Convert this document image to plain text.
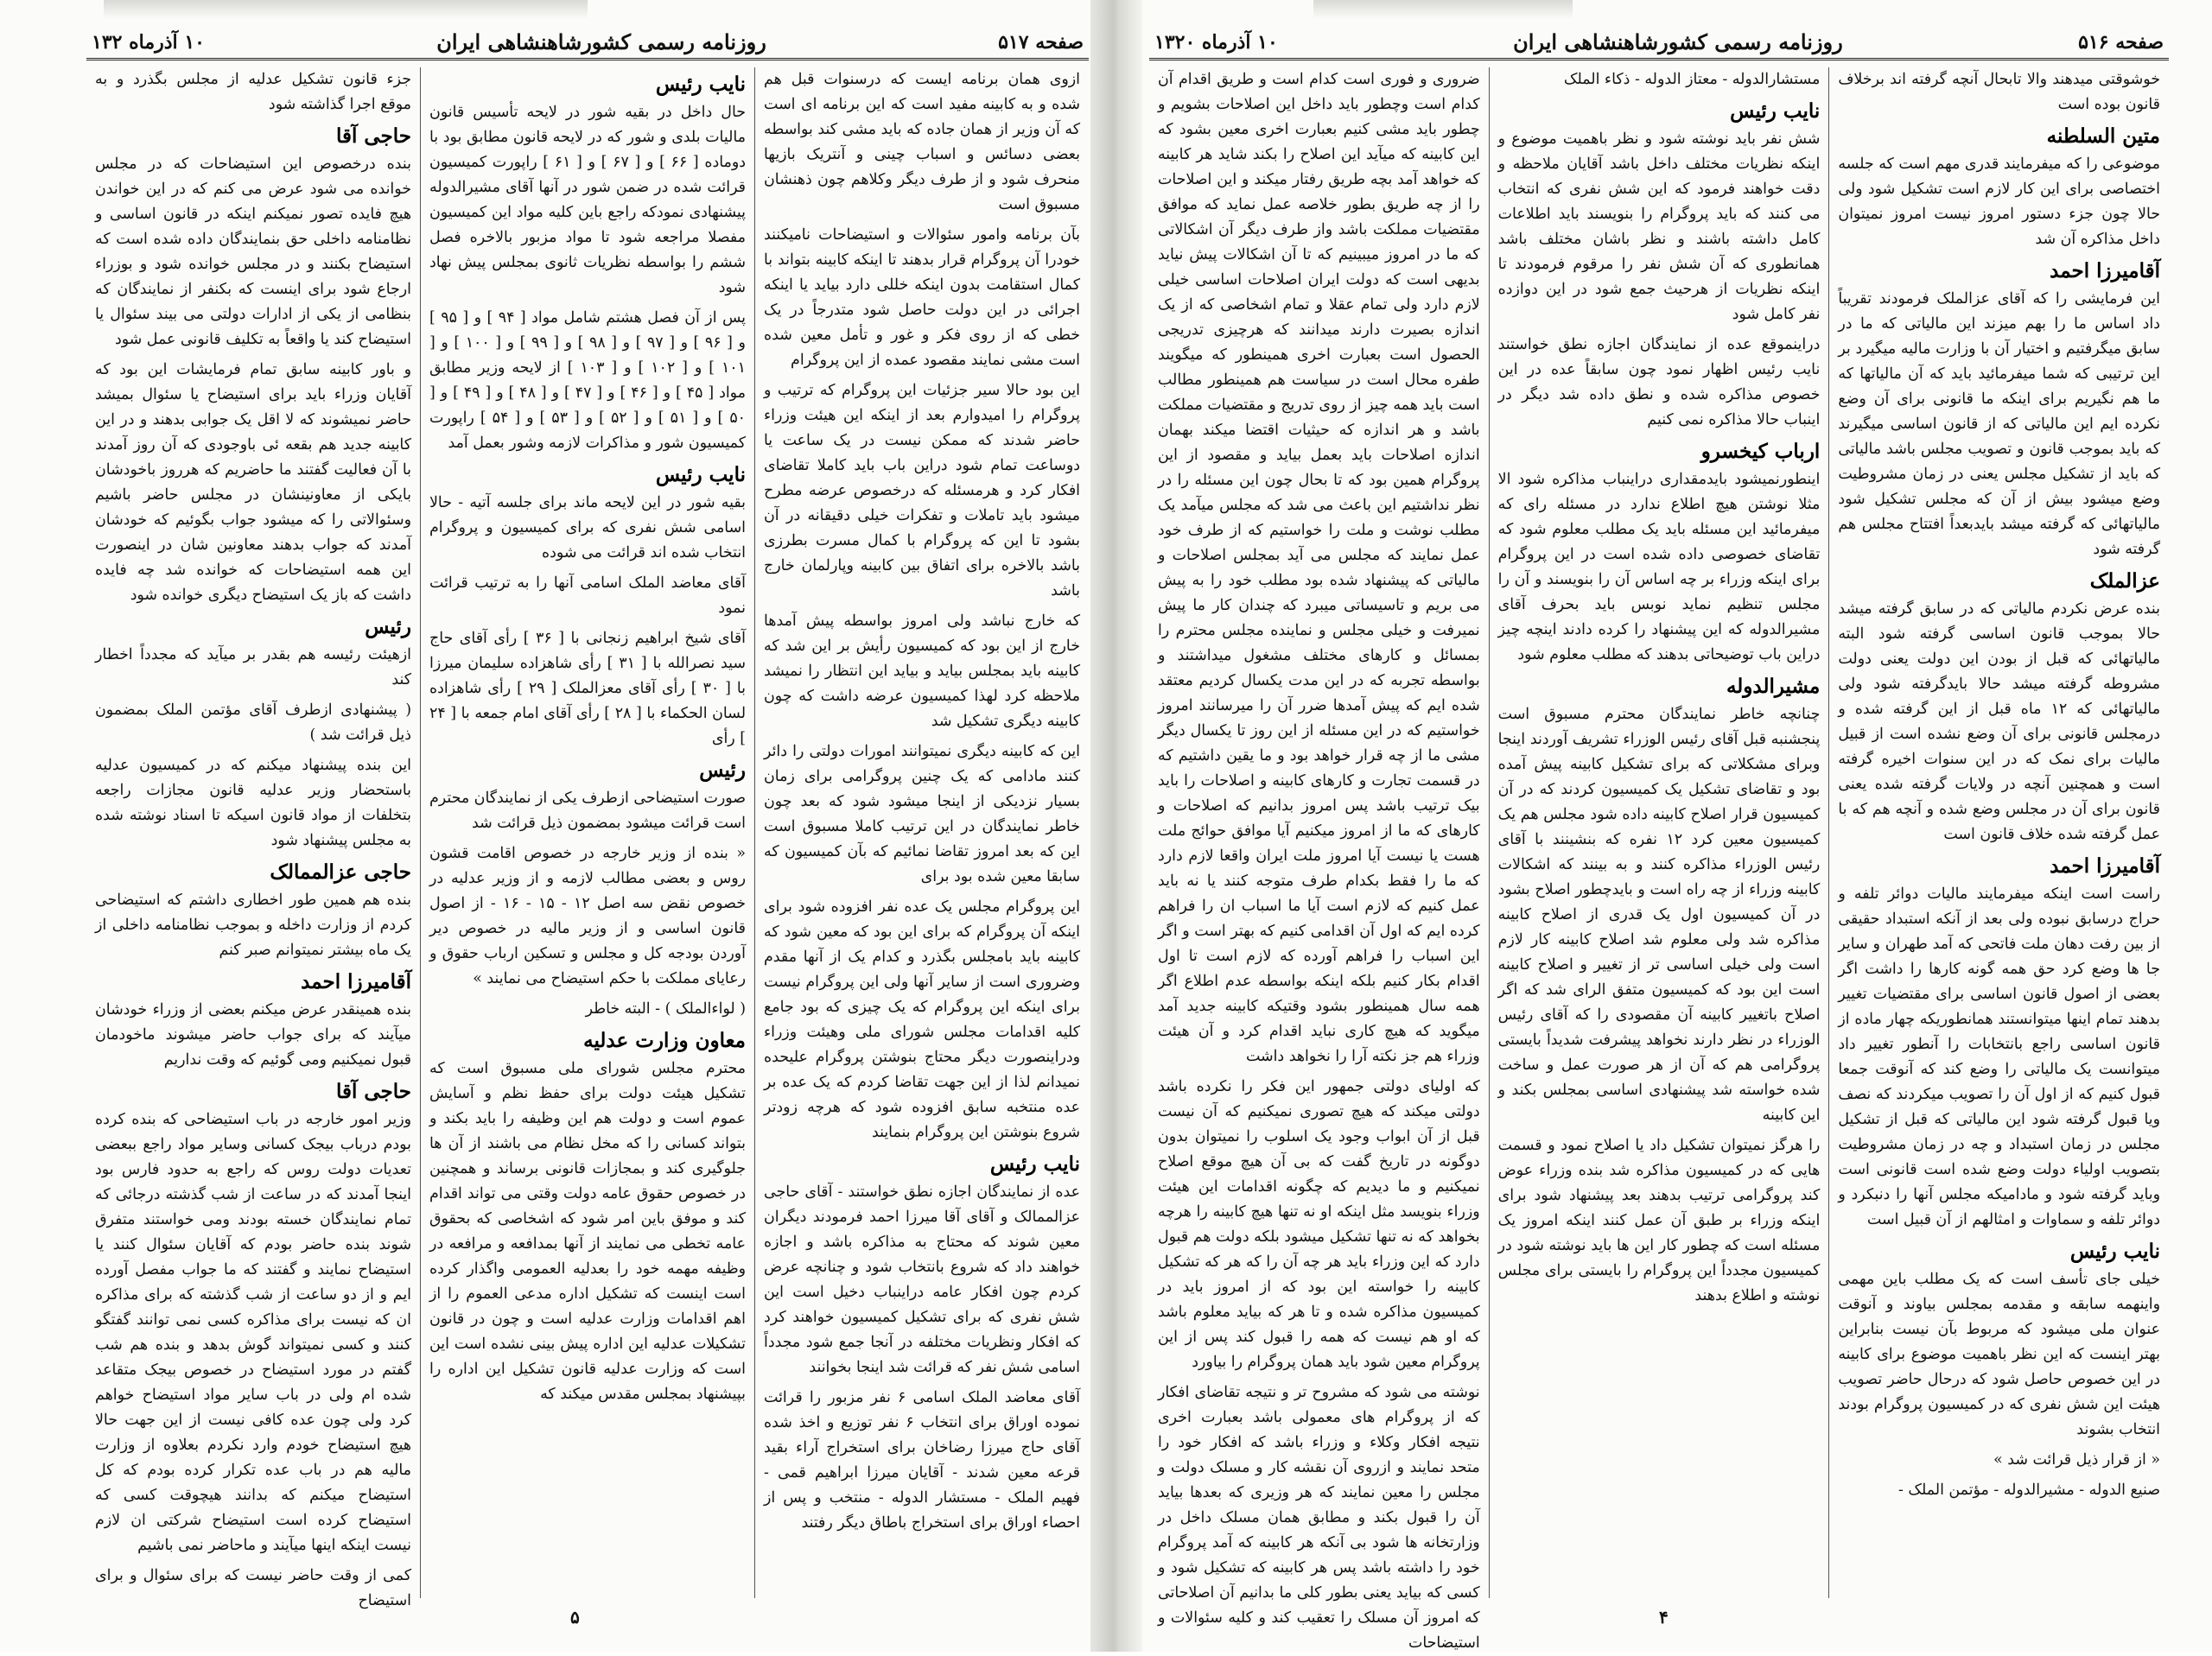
صفحه ۵۱۷
روزنامه رسمی کشورشاهنشاهی ایران
۱۰ آذرماه ۱۳۲

ازوی همان برنامه ایست که درسنوات قبل هم شده و به کابینه مفید است که این برنامه ای است که آن وزیر از همان جاده که باید مشی کند بواسطه بعضی دسائس و اسباب چینی و آنتریک بازیها منحرف شود و از طرف دیگر وکلاهم چون ذهنشان مسبوق است

بآن برنامه وامور سئوالات و استیضاحات نامیکنند خودرا آن پروگرام قرار بدهند تا اینکه کابینه بتواند با کمال استقامت بدون اینکه خللی دارد بیاید یا اینکه اجرائی در این دولت حاصل شود متدرجاً در یک خطی که از روی فکر و غور و تأمل معین شده است مشی نمایند مقصود عمده از این پروگرام

این بود حالا سیر جزئیات این پروگرام که ترتیب و پروگرام را امیدوارم بعد از اینکه این هیئت وزراء حاضر شدند که ممکن نیست در یک ساعت یا دوساعت تمام شود دراین باب باید کاملا تقاضای افکار کرد و هرمسئله که درخصوص عرضه مطرح میشود باید تاملات و تفکرات خیلی دقیقانه در آن بشود تا این که پروگرام با کمال مسرت بطرزی باشد بالاخره برای اتفاق بین کابینه وپارلمان خارج باشد

که خارج نباشد ولی امروز بواسطه پیش آمدها خارج از این بود که کمیسیون رأیش بر این شد که کابینه باید بمجلس بیاید و بیاید این انتظار را نمیشد ملاحظه کرد لهذا کمیسیون عرضه داشت که چون کابینه دیگری تشکیل شد

این که کابینه دیگری نمیتوانند امورات دولتی را دائر کنند مادامی که یک چنین پروگرامی برای زمان بسیار نزدیکی از اینجا میشود شود که بعد چون خاطر نمایندگان در این ترتیب کاملا مسبوق است این که بعد امروز تقاضا نمائیم که بآن کمیسیون که سابقا معین شده بود برای

این پروگرام مجلس یک عده نفر افزوده شود برای اینکه آن پروگرام که برای این بود که معین شود که کابینه باید بامجلس بگذرد و کدام یک از آنها مقدم وضروری است از سایر آنها ولی این پروگرام نیست برای اینکه این پروگرام که یک چیزی که بود جامع کلیه اقدامات مجلس شورای ملی وهیئت وزراء ودراینصورت دیگر محتاج بنوشتن پروگرام علیحده نمیدانم لذا از این جهت تقاضا کردم که یک عده بر عده منتخبه سابق افزوده شود که هرچه زودتر شروع بنوشتن این پروگرام بنمایند

نایب رئیس

عده از نمایندگان اجازه نطق خواستند - آقای حاجی عزالممالک و آقای آقا میرزا احمد فرمودند دیگران معین شوند که محتاج به مذاکره باشد و اجازه خواهند داد که شروع بانتخاب شود و چنانچه عرض کردم چون افکار عامه دراینباب دخیل است این شش نفری که برای تشکیل کمیسیون خواهند کرد که افکار ونظریات مختلفه در آنجا جمع شود مجدداً اسامی شش نفر که قرائت شد اینجا بخوانند

آقای معاضد الملک اسامی ۶ نفر مزبور را قرائت نموده اوراق برای انتخاب ۶ نفر توزیع و اخذ شده آقای حاج میرزا رضاخان برای استخراج آراء بقید قرعه معین شدند - آقایان میرزا ابراهیم قمی - فهیم الملک - مستشار الدوله - منتخب و پس از احصاء اوراق برای استخراج باطاق دیگر رفتند

نایب رئیس

حال داخل در بقیه شور در لایحه تأسیس قانون مالیات بلدی و شور که در لایحه قانون مطابق بود با دوماده [ ۶۶ ] و [ ۶۷ ] و [ ۶۱ ] راپورت کمیسیون قرائت شده در ضمن شور در آنها آقای مشیرالدوله پیشنهادی نمودکه راجع باین کلیه مواد این کمیسیون مفصلا مراجعه شود تا مواد مزبور بالاخره فصل ششم را بواسطه نظریات ثانوی بمجلس پیش نهاد شود

پس از آن فصل هشتم شامل مواد [ ۹۴ ] و [ ۹۵ ] و [ ۹۶ ] و [ ۹۷ ] و [ ۹۸ ] و [ ۹۹ ] و [ ۱۰۰ ] و [ ۱۰۱ ] و [ ۱۰۲ ] و [ ۱۰۳ ] از لایحه وزیر مطابق مواد [ ۴۵ ] و [ ۴۶ ] و [ ۴۷ ] و [ ۴۸ ] و [ ۴۹ ] و [ ۵۰ ] و [ ۵۱ ] و [ ۵۲ ] و [ ۵۳ ] و [ ۵۴ ] راپورت کمیسیون شور و مذاکرات لازمه وشور بعمل آمد

نایب رئیس

بقیه شور در این لایحه ماند برای جلسه آتیه - حالا اسامی شش نفری که برای کمیسیون و پروگرام انتخاب شده اند قرائت می شوده

آقای معاضد الملک اسامی آنها را به ترتیب قرائت نمود

آقای شیخ ابراهیم زنجانی با [ ۳۶ ] رأی آقای حاج سید نصرالله با [ ۳۱ ] رأی شاهزاده سلیمان میرزا با [ ۳۰ ] رأی آقای معزالملک [ ۲۹ ] رأی شاهزاده لسان الحکماء با [ ۲۸ ] رأی آقای امام جمعه با [ ۲۴ ] رأی

رئیس

صورت استیضاحی ازطرف یکی از نمایندگان محترم است قرائت میشود بمضمون ذیل قرائت شد

« بنده از وزیر خارجه در خصوص اقامت قشون روس و بعضی مطالب لازمه و از وزیر عدلیه در خصوص نقض سه اصل ۱۲ - ۱۵ - ۱۶ - از اصول قانون اساسی و از وزیر مالیه در خصوص دیر آوردن بودجه کل و مجلس و تسکین ارباب حقوق و رعایای مملکت با حکم استیضاح می نمایند »

( لواءالملک ) - البته خاطر

معاون وزارت عدلیه

محترم مجلس شورای ملی مسبوق است که تشکیل هیئت دولت برای حفظ نظم و آسایش عموم است و دولت هم این وظیفه را باید بکند و بتواند کسانی را که مخل نظام می باشند از آن ها جلوگیری کند و بمجازات قانونی برساند و همچنین در خصوص حقوق عامه دولت وقتی می تواند اقدام کند و موفق باین امر شود که اشخاصی که بحقوق عامه تخطی می نمایند از آنها بمدافعه و مرافعه در وظیفه مهمه خود را بعدلیه العمومی واگذار کرده است اینست که تشکیل اداره مدعی العموم را از اهم اقدامات وزارت عدلیه است و چون در قانون تشکیلات عدلیه این اداره پیش بینی نشده است این است که وزارت عدلیه قانون تشکیل این اداره را بپیشنهاد بمجلس مقدس میکند که

جزء قانون تشکیل عدلیه از مجلس بگذرد و به موقع اجرا گذاشته شود

حاجی آقا

بنده درخصوص این استیضاحات که در مجلس خوانده می شود عرض می کنم که در این خواندن هیچ فایده تصور نمیکنم اینکه در قانون اساسی و نظامنامه داخلی حق بنمایندگان داده شده است که استیضاح بکنند و در مجلس خوانده شود و بوزراء ارجاع شود برای اینست که بکنفر از نمایندگان که بنظامی از یکی از ادارات دولتی می بیند سئوال یا استیضاح کند یا واقعاً به تکلیف قانونی عمل شود

و باور کابینه سابق تمام فرمایشات این بود که آقایان وزراء باید برای استیضاح یا سئوال بمیشد حاضر نمیشوند که لا اقل یک جوابی بدهند و در این کابینه جدید هم بقعه ئی باوجودی که آن روز آمدند با آن فعالیت گفتند ما حاضریم که هرروز باخودشان بایکی از معاونینشان در مجلس حاضر باشیم وسئوالاتی را که میشود جواب بگوئیم که خودشان آمدند که جواب بدهند معاونین شان در اینصورت این همه استیضاحات که خوانده شد چه فایده داشت که باز یک استیضاح دیگری خوانده شود

رئیس

ازهیئت رئیسه هم بقدر بر میآید که مجدداً اخطار کند

( پیشنهادی ازطرف آقای مؤتمن الملک بمضمون ذیل قرائت شد )

این بنده پیشنهاد میکنم که در کمیسیون عدلیه باستحضار وزیر عدلیه قانون مجازات راجعه بتخلفات از مواد قانون اسیکه تا اسناد نوشته شده به مجلس پیشنهاد شود

حاجی عزالممالک

بنده هم همین طور اخطاری داشتم که استیضاحی کردم از وزارت داخله و بموجب نظامنامه داخلی از یک ماه بیشتر نمیتوانم صبر کنم

آقامیرزا احمد

بنده همینقدر عرض میکنم بعضی از وزراء خودشان میآیند که برای جواب حاضر میشوند ماخودمان قبول نمیکنیم ومی گوئیم که وقت نداریم

حاجی آقا

وزیر امور خارجه در باب استیضاحی که بنده کرده بودم درباب بیجک کسانی وسایر مواد راجع ببعضی تعدیات دولت روس که راجع به حدود فارس بود اینجا آمدند که در ساعت از شب گذشته درجائی که تمام نمایندگان خسته بودند ومی خواستند متفرق شوند بنده حاضر بودم که آقایان سئوال کنند یا استیضاح نمایند و گفتند که ما جواب مفصل آورده ایم و از دو ساعت از شب گذشته که برای مذاکره ان که نیست برای مذاکره کسی نمی توانند گفتگو کنند و کسی نمیتواند گوش بدهد و بنده هم شب گفتم در مورد استیضاح در خصوص بیجک متقاعد شده ام ولی در باب سایر مواد استیضاح خواهم کرد ولی چون عده کافی نیست از این جهت حالا هیچ استیضاح خودم وارد نکردم بعلاوه از وزارت مالیه هم در باب عده تکرار کرده بودم که کل استیضاح میکنم که بدانند هیچوقت کسی که استیضاح کرده است استیضاح شرکتی ان لازم نیست اینکه اینها میآیند و ماحاضر نمی باشیم

کمی از وقت حاضر نیست که برای سئوال و برای استیضاح

۵
صفحه ۵۱۶
روزنامه رسمی کشورشاهنشاهی ایران
۱۰ آذرماه ۱۳۲۰

خوشوقتی میدهند والا تابحال آنچه گرفته اند برخلاف قانون بوده است

متین السلطنه

موضوعی را که میفرمایند قدری مهم است که جلسه اختصاصی برای این کار لازم است تشکیل شود ولی حالا چون جزء دستور امروز نیست امروز نمیتوان داخل مذاکره آن شد

آقامیرزا احمد

این فرمایشی را که آقای عزالملک فرمودند تقریباً داد اساس ما را بهم میزند این مالیاتی که ما در سابق میگرفتیم و اختیار آن با وزارت مالیه میگیرد بر این ترتیبی که شما میفرمائید باید که آن مالیاتها که ما هم نگیریم برای اینکه ما قانونی برای آن وضع نکرده ایم این مالیاتی که از قانون اساسی میگیرند که باید بموجب قانون و تصویب مجلس باشد مالیاتی که باید از تشکیل مجلس یعنی در زمان مشروطیت وضع میشود بیش از آن که مجلس تشکیل شود مالیاتهائی که گرفته میشد بایدبعداً افتتاح مجلس هم گرفته شود

عزالملک

بنده عرض نکردم مالیاتی که در سابق گرفته میشد حالا بموجب قانون اساسی گرفته شود البته مالیاتهائی که قبل از بودن این دولت یعنی دولت مشروطه گرفته میشد حالا بایدگرفته شود ولی مالیاتهائی که ۱۲ ماه قبل از این گرفته شده و درمجلس قانونی برای آن وضع نشده است از قبیل مالیات برای نمک که در این سنوات اخیره گرفته است و همچنین آنچه در ولایات گرفته شده یعنی قانون برای آن در مجلس وضع شده و آنچه هم که با عمل گرفته شده خلاف قانون است

آقامیرزا احمد

راست است اینکه میفرمایند مالیات دوائر تلفه و حراج درسابق نبوده ولی بعد از آنکه استبداد حقیقی از بین رفت دهان ملت فاتحی که آمد طهران و سایر جا ها وضع کرد حق همه گونه کارها را داشت اگر بعضی از اصول قانون اساسی برای مقتضیات تغییر بدهند تمام اینها میتوانستند همانطوریکه چهار ماده از قانون اساسی راجع بانتخابات را آنطور تغییر داد میتوانست یک مالیاتی را وضع کند که آنوقت جمعا قبول کنیم که از اول آن را تصویب میکردند که نصف ویا قبول گرفته شود این مالیاتی که قبل از تشکیل مجلس در زمان استبداد و چه در زمان مشروطیت بتصویب اولیاء دولت وضع شده است قانونی است وباید گرفته شود و مادامیکه مجلس آنها را دنبکرد و دوائر تلفه و سماوات و امثالهم از آن قبیل است

نایب رئیس

خیلی جای تأسف است که یک مطلب باین مهمی واینهمه سابقه و مقدمه بمجلس بیاوند و آنوقت عنوان ملی میشود که مربوط بآن نیست بنابراین بهتر اینست که این نظر باهمیت موضوع برای کابینه در این خصوص حاصل شود که درحال حاضر تصویب هیئت این شش نفری که در کمیسیون پروگرام بودند انتخاب بشوند

« از قرار ذیل قرائت شد »

صنیع الدوله - مشیرالدوله - مؤتمن الملک -

مستشارالدوله - معتاز الدوله - ذکاء الملک

نایب رئیس

شش نفر باید نوشته شود و نظر باهمیت موضوع و اینکه نظریات مختلف داخل باشد آقایان ملاحظه و دقت خواهند فرمود که این شش نفری که انتخاب می کنند که باید پروگرام را بنویسند باید اطلاعات کامل داشته باشند و نظر باشان مختلف باشد همانطوری که آن شش نفر را مرقوم فرمودند تا اینکه نظریات از هرحیث جمع شود در این دوازده نفر کامل شود

دراینموقع عده از نمایندگان اجازه نطق خواستند نایب رئیس اظهار نمود چون سابقاً عده در این خصوص مذاکره شده و نطق داده شد دیگر در اینباب حالا مذاکره نمی کنیم

ارباب کیخسرو

اینطورنمیشود بایدمقداری دراینباب مذاکره شود الا مثلا نوشتن هیچ اطلاع ندارد در مسئله رای که میفرمائید این مسئله باید یک مطلب معلوم شود که تقاضای خصوصی داده شده است در این پروگرام برای اینکه وزراء بر چه اساس آن را بنویسند و آن را مجلس تنظیم نماید نوبس باید بحرف آقای مشیرالدوله که این پیشنهاد را کرده دادند اینچه چیز دراین باب توضیحاتی بدهند که مطلب معلوم شود

مشیرالدوله

چنانچه خاطر نمایندگان محترم مسبوق است پنجشنبه قبل آقای رئیس الوزراء تشریف آوردند اینجا وبرای مشکلاتی که برای تشکیل کابینه پیش آمده بود و تقاضای تشکیل یک کمیسیون کردند که در آن کمیسیون قرار اصلاح کابینه داده شود مجلس هم یک کمیسیون معین کرد ۱۲ نفره که بنشینند با آقای رئیس الوزراء مذاکره کنند و به بینند که اشکالات کابینه وزراء از چه راه است و بایدچطور اصلاح بشود در آن کمیسیون اول یک قدری از اصلاح کابینه مذاکره شد ولی معلوم شد اصلاح کابینه کار لازم است ولی خیلی اساسی تر از تغییر و اصلاح کابینه است این بود که کمیسیون متفق الرای شد که اگر اصلاح باتغییر کابینه آن مقصودی را که آقای رئیس الوزراء در نظر دارند نخواهد پیشرفت شدیداً بایستی پروگرامی هم که آن از هر صورت عمل و ساخت شده خواسته شد پیشنهادی اساسی بمجلس بکند و این کابینه

را هرگز نمیتوان تشکیل داد یا اصلاح نمود و قسمت هایی که در کمیسیون مذاکره شد بنده وزراء عوض کند پروگرامی ترتیب بدهند بعد پیشنهاد شود برای اینکه وزراء بر طبق آن عمل کنند اینکه امروز یک مسئله است که چطور کار این ها باید نوشته شود در کمیسیون مجدداً این پروگرام را بایستی برای مجلس نوشته و اطلاع بدهند

ضروری و فوری است کدام است و طریق اقدام آن کدام است وچطور باید داخل این اصلاحات بشویم و چطور باید مشی کنیم بعبارت اخری معین بشود که این کابینه که میآید این اصلاح را بکند شاید هر کابینه که خواهد آمد بچه طریق رفتار میکند و این اصلاحات را از چه طریق بطور خلاصه عمل نماید که موافق مقتضیات مملکت باشد واز طرف دیگر آن اشکالاتی که ما در امروز میبینیم که تا آن اشکالات پیش نیاید بدیهی است که دولت ایران اصلاحات اساسی خیلی لازم دارد ولی تمام عقلا و تمام اشخاصی که از یک اندازه بصیرت دارند میدانند که هرچیزی تدریجی الحصول است بعبارت اخری همینطور که میگویند طفره محال است در سیاست هم همینطور مطالب است باید همه چیز از روی تدریج و مقتضیات مملکت باشد و هر اندازه که حیثیات اقتضا میکند بهمان اندازه اصلاحات باید بعمل بیاید و مقصود از این پروگرام همین بود که تا بحال چون این مسئله را در نظر نداشتیم این باعث می شد که مجلس میآمد یک مطلب نوشت و ملت را خواستیم که از طرف خود عمل نمایند که مجلس می آید بمجلس اصلاحات و مالیاتی که پیشنهاد شده بود مطلب خود را به پیش می بریم و تاسیساتی میبرد که چندان کار ما پیش نمیرفت و خیلی مجلس و نماینده مجلس محترم را بمسائل و کارهای مختلف مشغول میداشتند و بواسطه تجربه که در این مدت یکسال کردیم معتقد شده ایم که پیش آمدها ضرر آن را میرسانند امروز خواستیم که در این مسئله از این روز تا یکسال دیگر مشی ما از چه قرار خواهد بود و ما یقین داشتیم که در قسمت تجارت و کارهای کابینه و اصلاحات را باید بیک ترتیب باشد پس امروز بدانیم که اصلاحات و کارهای که ما از امروز میکنیم آیا موافق حوائج ملت هست یا نیست آیا امروز ملت ایران واقعا لازم دارد که ما را فقط بکدام طرف متوجه کنند یا نه باید عمل کنیم که لازم است آیا ما اسباب ان را فراهم کرده ایم که اول آن اقدامی کنیم که بهتر است و اگر این اسباب را فراهم آورده که لازم است تا اول اقدام بکار کنیم بلکه اینکه بواسطه عدم اطلاع اگر همه سال همینطور بشود وقتیکه کابینه جدید آمد میگوید که هیچ کاری نباید اقدام کرد و آن هیئت وزراء هم جز نکته آرا را نخواهد داشت

که اولیای دولتی جمهور این فکر را نکرده باشد دولتی میکند که هیچ تصوری نمیکنیم که آن نیست قبل از آن ابواب وجود یک اسلوب را نمیتوان بدون دوگونه در تاریخ گفت که بی آن هیچ موقع اصلاح نمیکنیم و ما دیدیم که چگونه اقدامات این هیئت وزراء بنویسد مثل اینکه او نه تنها هیچ کابینه را هرچه بخواهد که نه تنها تشکیل میشود بلکه دولت هم قبول دارد که این وزراء باید هر چه آن را که هر که تشکیل کابینه را خواسته این بود که از امروز باید در کمیسیون مذاکره شده و تا هر که بیاید معلوم باشد که او هم نیست که همه را قبول کند پس از این پروگرام معین شود باید همان پروگرام را بیاورد

نوشته می شود که مشروح تر و نتیجه تقاضای افکار که از پروگرام های معمولی باشد بعبارت اخری نتیجه افکار وکلاء و وزراء باشد که افکار خود را متحد نمایند و ازروی آن نقشه کار و مسلک دولت و مجلس را معین نمایند که هر وزیری که بعدها بیاید آن را قبول بکند و مطابق همان مسلک داخل در وزارتخانه ها شود بی آنکه هر کابینه که آمد پروگرام خود را داشته باشد پس هر کابینه که تشکیل شود و کسی که بیاید یعنی بطور کلی ما بدانیم آن اصلاحاتی که امروز آن مسلک را تعقیب کند و کلیه سئوالات و استیضاحات

۴
